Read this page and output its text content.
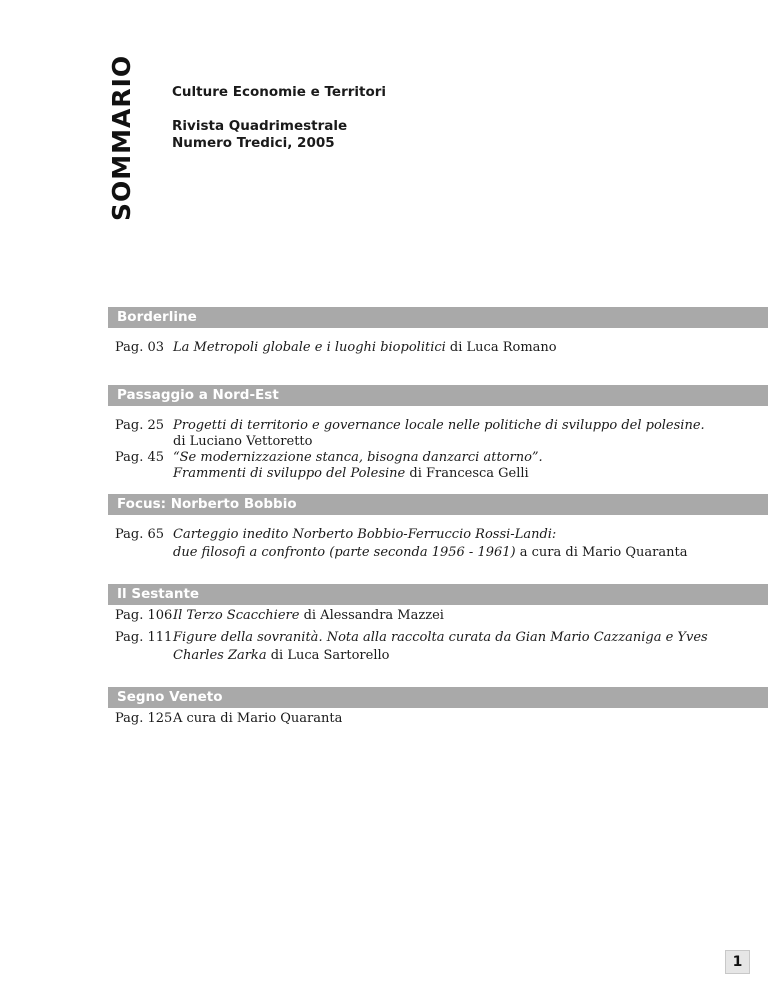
SOMMARIO	Culture Economie e Territori
Rivista Quadrimestrale
Numero Tredici, 2005
Borderline
Pag. 03 La Metropoli globale e i luoghi biopolitici di Luca Romano
Passaggio a Nord-Est
Pag. 25 Progetti di territorio e governance locale nelle politiche di sviluppo del polesine.
di Luciano Vettoretto
Pag. 45 “Se modernizzazione stanca, bisogna danzarci attorno”.
Frammenti di sviluppo del Polesine di Francesca Gelli
Focus: Norberto Bobbio
Pag. 65 Carteggio inedito Norberto Bobbio-Ferruccio Rossi-Landi:
due filosofi a confronto (parte seconda 1956 - 1961) a cura di Mario Quaranta
Il Sestante
Pag. 106 Il Terzo Scacchiere di Alessandra Mazzei
Pag. 111 Figure della sovranità. Nota alla raccolta curata da Gian Mario Cazzaniga e Yves
Charles Zarka di Luca Sartorello
Segno Veneto
Pag. 125 A cura di Mario Quaranta
1
